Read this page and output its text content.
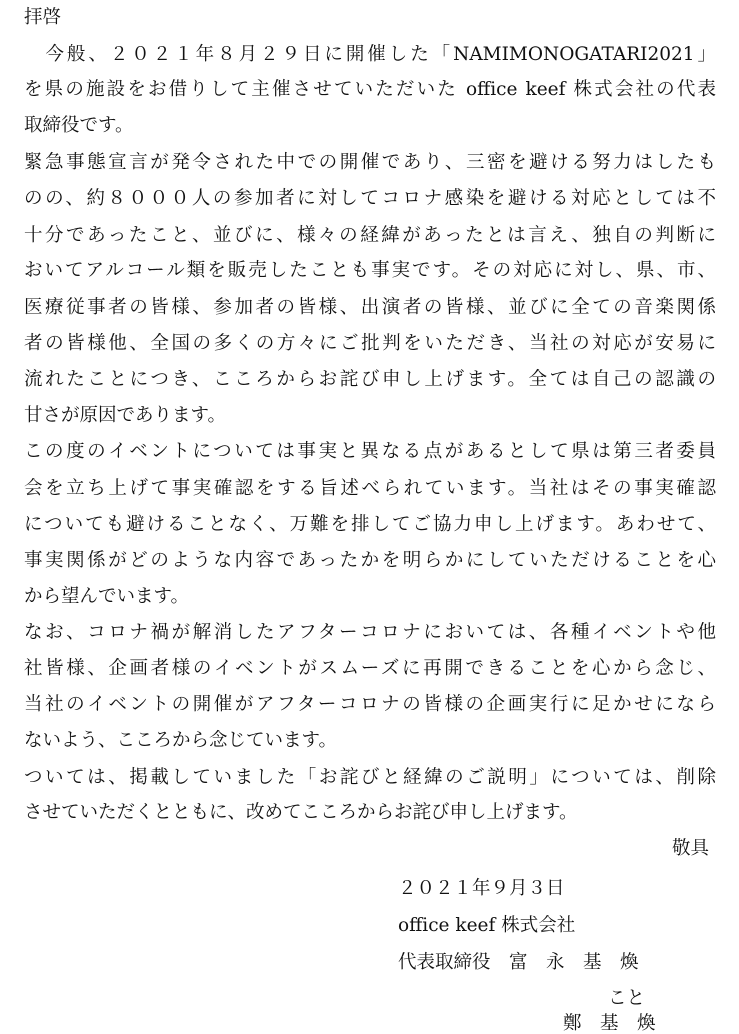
拝啓
　今般、２０２１年８月２９日に開催した「NAMIMONOGATARI2021」
を県の施設をお借りして主催させていただいた office keef 株式会社の代表
取締役です。
緊急事態宣言が発令された中での開催であり、三密を避ける努力はしたも
のの、約８０００人の参加者に対してコロナ感染を避ける対応としては不
十分であったこと、並びに、様々の経緯があったとは言え、独自の判断に
おいてアルコール類を販売したことも事実です。その対応に対し、県、市、
医療従事者の皆様、参加者の皆様、出演者の皆様、並びに全ての音楽関係
者の皆様他、全国の多くの方々にご批判をいただき、当社の対応が安易に
流れたことにつき、こころからお詫び申し上げます。全ては自己の認識の
甘さが原因であります。
この度のイベントについては事実と異なる点があるとして県は第三者委員
会を立ち上げて事実確認をする旨述べられています。当社はその事実確認
についても避けることなく、万難を排してご協力申し上げます。あわせて、
事実関係がどのような内容であったかを明らかにしていただけることを心
から望んでいます。
なお、コロナ禍が解消したアフターコロナにおいては、各種イベントや他
社皆様、企画者様のイベントがスムーズに再開できることを心から念じ、
当社のイベントの開催がアフターコロナの皆様の企画実行に足かせになら
ないよう、こころから念じています。
ついては、掲載していました「お詫びと経緯のご説明」については、削除
させていただくとともに、改めてこころからお詫び申し上げます。
敬具
２０２１年９月３日
office keef 株式会社
代表取締役　富　永　基　煥
こと
鄭　基　煥
